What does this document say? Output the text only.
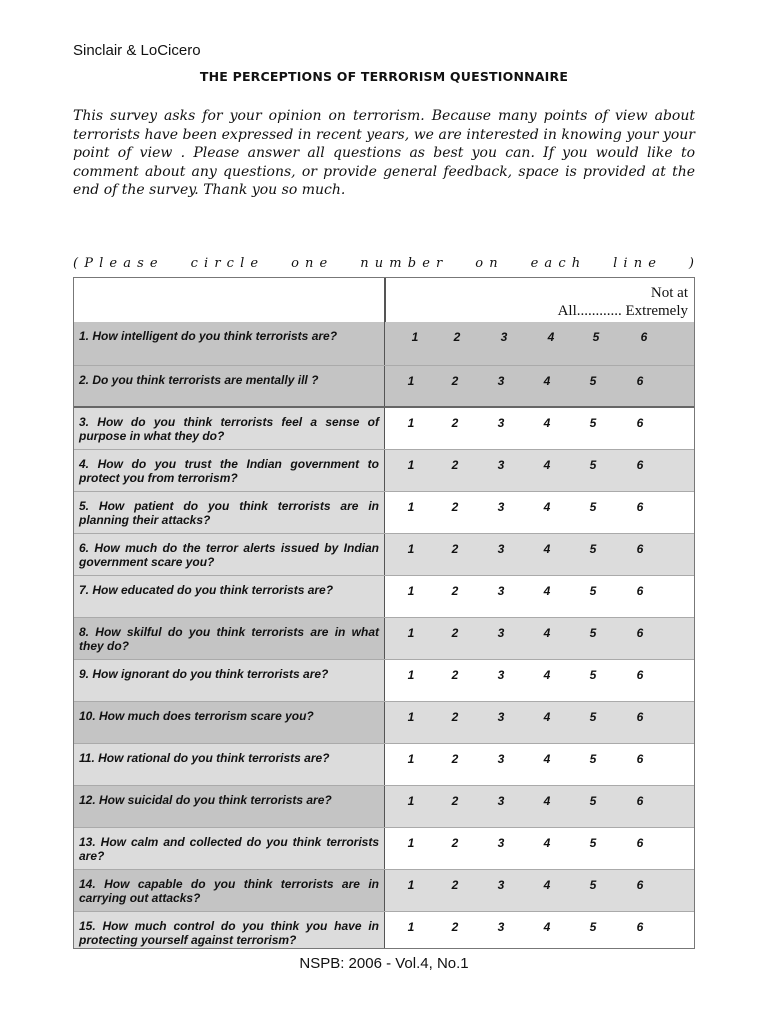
Sinclair & LoCicero
THE PERCEPTIONS OF TERRORISM QUESTIONNAIRE
This survey asks for your opinion on terrorism. Because many points of view about terrorists have been expressed in recent years, we are interested in knowing your your point of view . Please answer all questions as best you can. If you would like to comment about any questions, or provide general feedback, space is provided at the end of the survey. Thank you so much.
( P l e a s e c i r c l e o n e n u m b e r o n e a c h l i n e )
Not at
All............ Extremely
1. How intelligent do you think terrorists are?	1	2	3	4	5	6
2. Do you think terrorists are mentally ill ?	1	2	3	4	5	6
3. How do you think terrorists feel a sense of purpose in what they do?
1	2	3	4	5	6
4. How do you trust the Indian government to protect you from terrorism?
1	2	3	4	5	6
5. How patient do you think terrorists are in planning their attacks?
1	2	3	4	5	6
6. How much do the terror alerts issued by Indian government scare you?
1	2	3	4	5	6
7. How educated do you think terrorists are?	1	2	3	4	5	6
8. How skilful do you think terrorists are in what they do?
1	2	3	4	5	6
9. How ignorant do you think terrorists are?	1	2	3	4	5	6
10. How much does terrorism scare you?	1	2	3	4	5	6
11. How rational do you think terrorists are?	1	2	3	4	5	6
12. How suicidal do you think terrorists are?	1	2	3	4	5	6
13. How calm and collected do you think terrorists are?
1	2	3	4	5	6
14. How capable do you think terrorists are in carrying out attacks?
1	2	3	4	5	6
15. How much control do you think you have in protecting yourself against terrorism?
1	2	3	4	5	6
NSPB: 2006 - Vol.4, No.1
